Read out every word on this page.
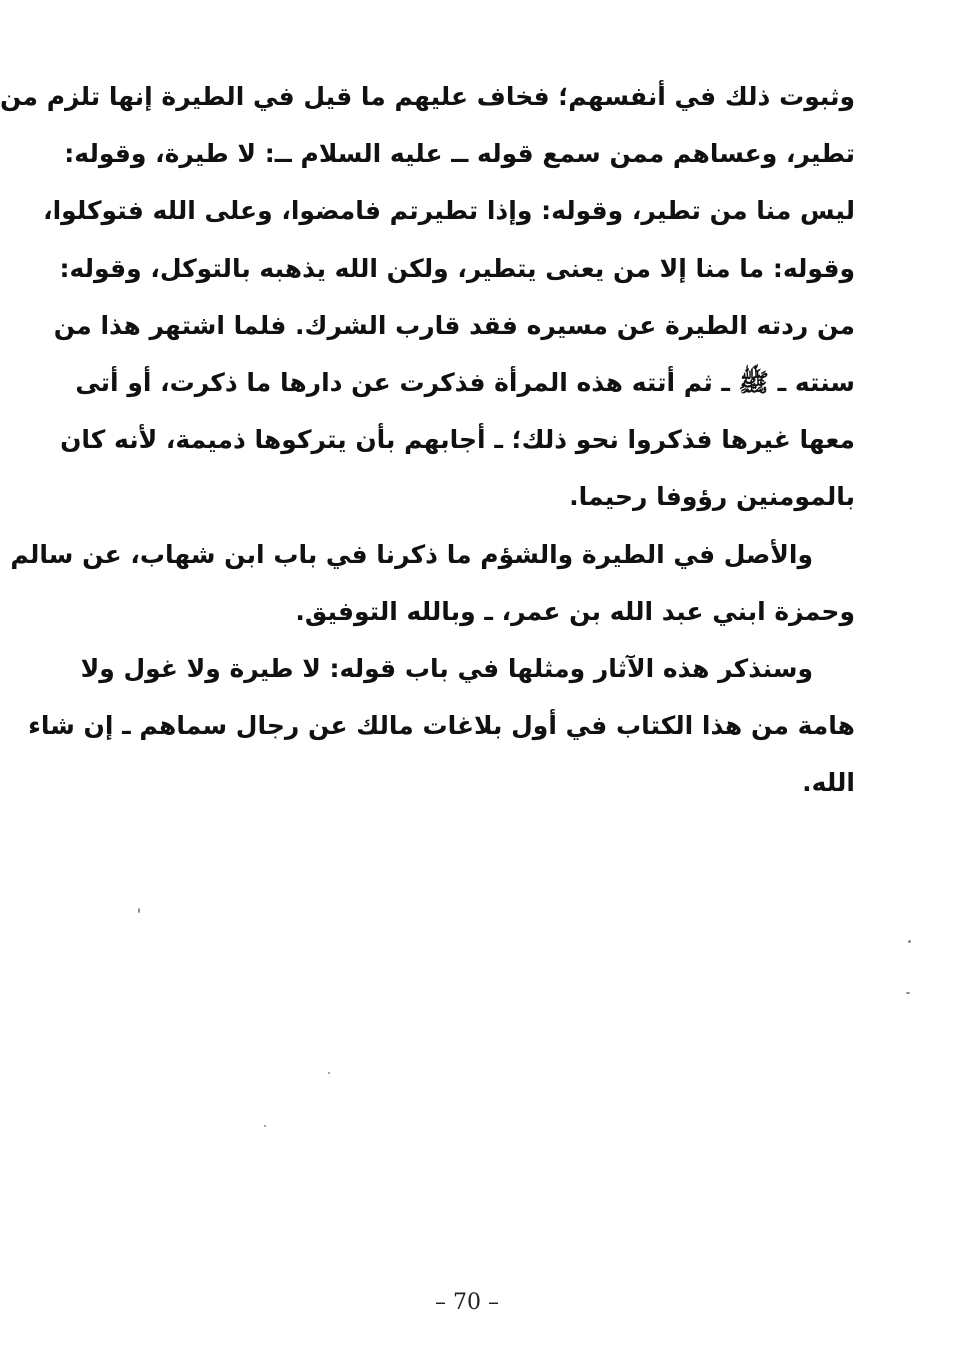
وثبوت ذلك في أنفسهم؛ فخاف عليهم ما قيل في الطيرة إنها تلزم من
تطير، وعساهم ممن سمع قوله ــ عليه السلام ــ: لا طيرة، وقوله:
ليس منا من تطير، وقوله: وإذا تطيرتم فامضوا، وعلى الله فتوكلوا،
وقوله: ما منا إلا من يعنى يتطير، ولكن الله يذهبه بالتوكل، وقوله:
من ردته الطيرة عن مسيره فقد قارب الشرك. فلما اشتهر هذا من
سنته ـ ﷺ ـ ثم أتته هذه المرأة فذكرت عن دارها ما ذكرت، أو أتى
معها غيرها فذكروا نحو ذلك؛ ـ أجابهم بأن يتركوها ذميمة، لأنه كان
بالمومنين رؤوفا رحيما.

والأصل في الطيرة والشؤم ما ذكرنا في باب ابن شهاب، عن سالم
وحمزة ابني عبد الله بن عمر، ـ وبالله التوفيق.

وسنذكر هذه الآثار ومثلها في باب قوله: لا طيرة ولا غول ولا
هامة من هذا الكتاب في أول بلاغات مالك عن رجال سماهم ـ إن شاء
الله.

– 70 –
